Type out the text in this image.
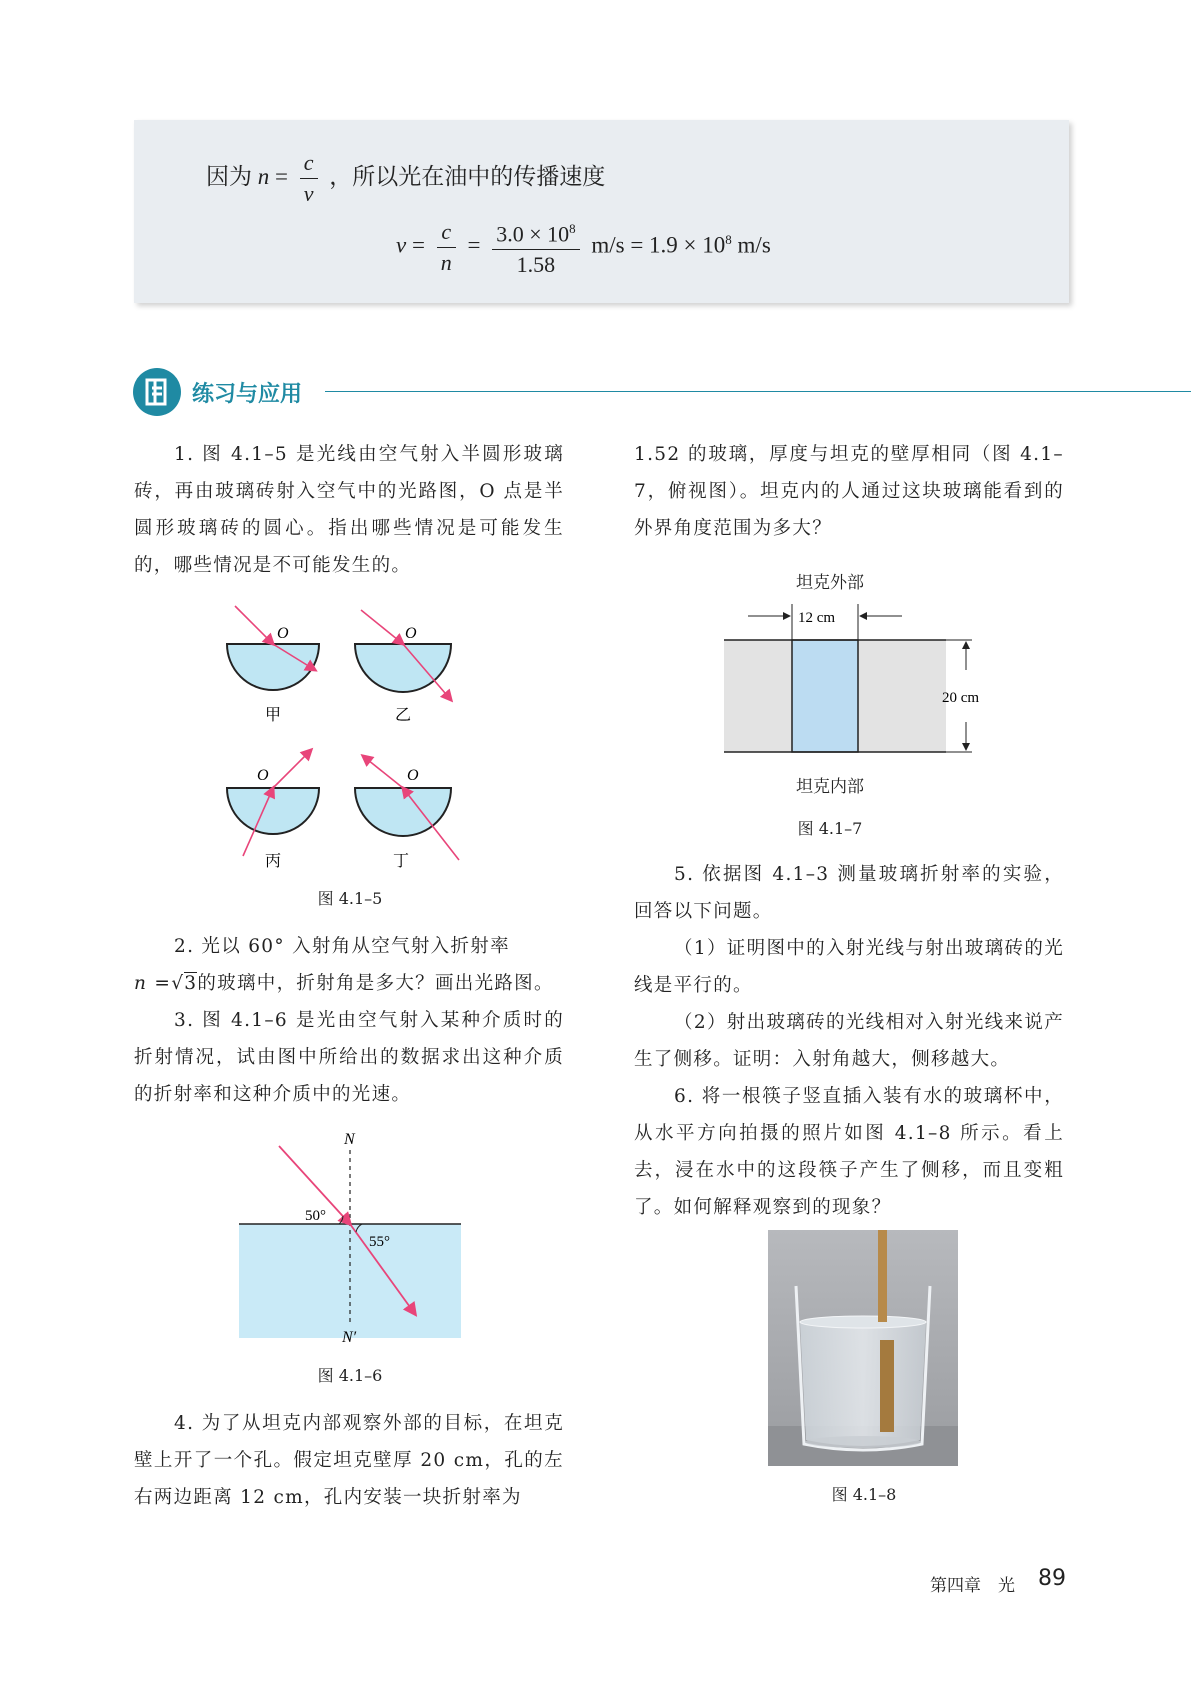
因为 $n = \frac{c}{v}$ ，所以光在油中的传播速度
$v = \frac{c}{n} = \frac{3.0 \times 10^8}{1.58} m/s = 1.9 \times 10^8$ m/s
练习与应用

1. 图 4.1–5 是光线由空气射入半圆形玻璃砖，再由玻璃砖射入空气中的光路图，O 点是半圆形玻璃砖的圆心。指出哪些情况是可能发生的，哪些情况是不可能发生的。

O
甲
O
乙
O
丙
O
丁
图 4.1–5

2. 光以 60° 入射角从空气射入折射率

n =√3的玻璃中，折射角是多大？画出光路图。

3. 图 4.1–6 是光由空气射入某种介质时的折射情况，试由图中所给出的数据求出这种介质的折射率和这种介质中的光速。

N
N′
50°
55°
图 4.1–6

4. 为了从坦克内部观察外部的目标，在坦克壁上开了一个孔。假定坦克壁厚 20 cm，孔的左右两边距离 12 cm，孔内安装一块折射率为

1.52 的玻璃，厚度与坦克的壁厚相同（图 4.1–7，俯视图）。坦克内的人通过这块玻璃能看到的外界角度范围为多大？

坦克外部
12 cm
20 cm
坦克内部
图 4.1–7

5. 依据图 4.1–3 测量玻璃折射率的实验，回答以下问题。

（1）证明图中的入射光线与射出玻璃砖的光线是平行的。

（2）射出玻璃砖的光线相对入射光线来说产生了侧移。证明：入射角越大，侧移越大。

6. 将一根筷子竖直插入装有水的玻璃杯中，从水平方向拍摄的照片如图 4.1–8 所示。看上去，浸在水中的这段筷子产生了侧移，而且变粗了。如何解释观察到的现象？

图 4.1–8
第四章　光 89
